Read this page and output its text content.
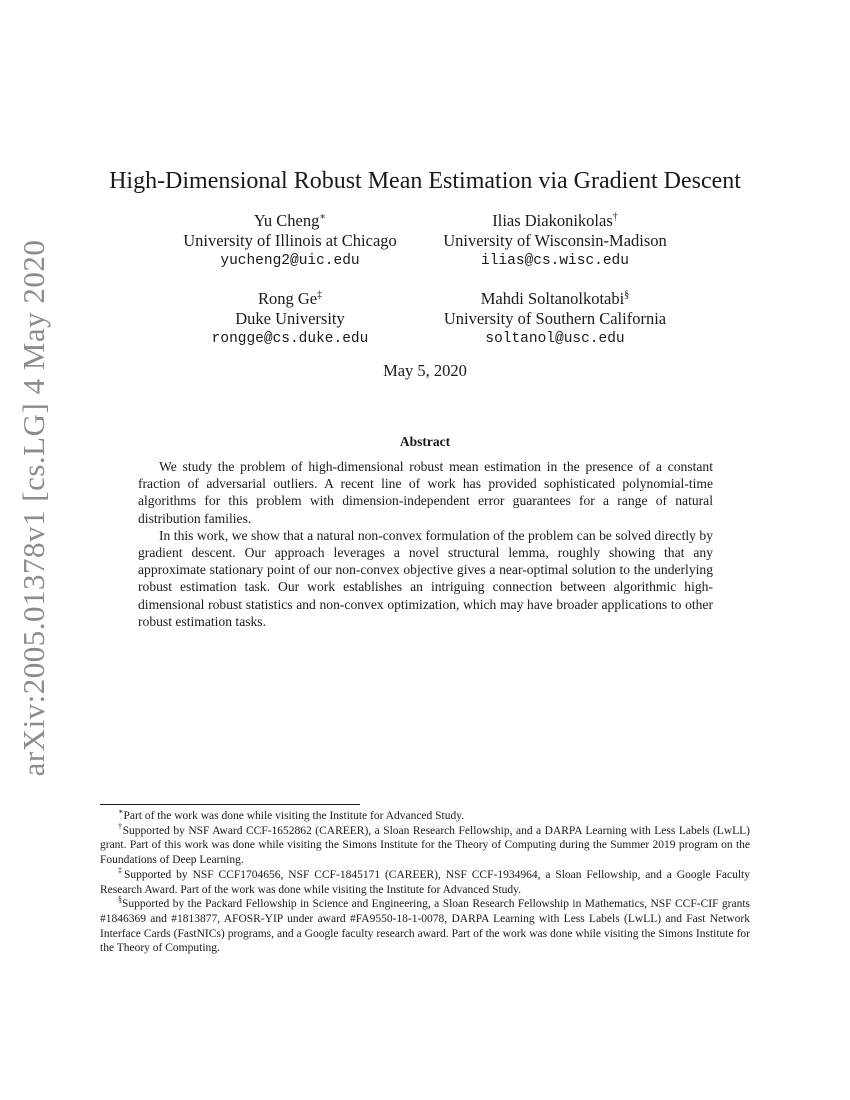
arXiv:2005.01378v1 [cs.LG] 4 May 2020
High-Dimensional Robust Mean Estimation via Gradient Descent
Yu Cheng∗
University of Illinois at Chicago
yucheng2@uic.edu
Ilias Diakonikolas†
University of Wisconsin-Madison
ilias@cs.wisc.edu
Rong Ge‡
Duke University
rongge@cs.duke.edu
Mahdi Soltanolkotabi§
University of Southern California
soltanol@usc.edu
May 5, 2020
Abstract

We study the problem of high-dimensional robust mean estimation in the presence of a constant fraction of adversarial outliers. A recent line of work has provided sophisticated polynomial-time algorithms for this problem with dimension-independent error guarantees for a range of natural distribution families.

In this work, we show that a natural non-convex formulation of the problem can be solved directly by gradient descent. Our approach leverages a novel structural lemma, roughly showing that any approximate stationary point of our non-convex objective gives a near-optimal solution to the underlying robust estimation task. Our work establishes an intriguing connection between algorithmic high-dimensional robust statistics and non-convex optimization, which may have broader applications to other robust estimation tasks.

∗Part of the work was done while visiting the Institute for Advanced Study.

†Supported by NSF Award CCF-1652862 (CAREER), a Sloan Research Fellowship, and a DARPA Learning with Less Labels (LwLL) grant. Part of this work was done while visiting the Simons Institute for the Theory of Computing during the Summer 2019 program on the Foundations of Deep Learning.

‡Supported by NSF CCF1704656, NSF CCF-1845171 (CAREER), NSF CCF-1934964, a Sloan Fellowship, and a Google Faculty Research Award. Part of the work was done while visiting the Institute for Advanced Study.

§Supported by the Packard Fellowship in Science and Engineering, a Sloan Research Fellowship in Mathematics, NSF CCF-CIF grants #1846369 and #1813877, AFOSR-YIP under award #FA9550-18-1-0078, DARPA Learning with Less Labels (LwLL) and Fast Network Interface Cards (FastNICs) programs, and a Google faculty research award. Part of the work was done while visiting the Simons Institute for the Theory of Computing.
